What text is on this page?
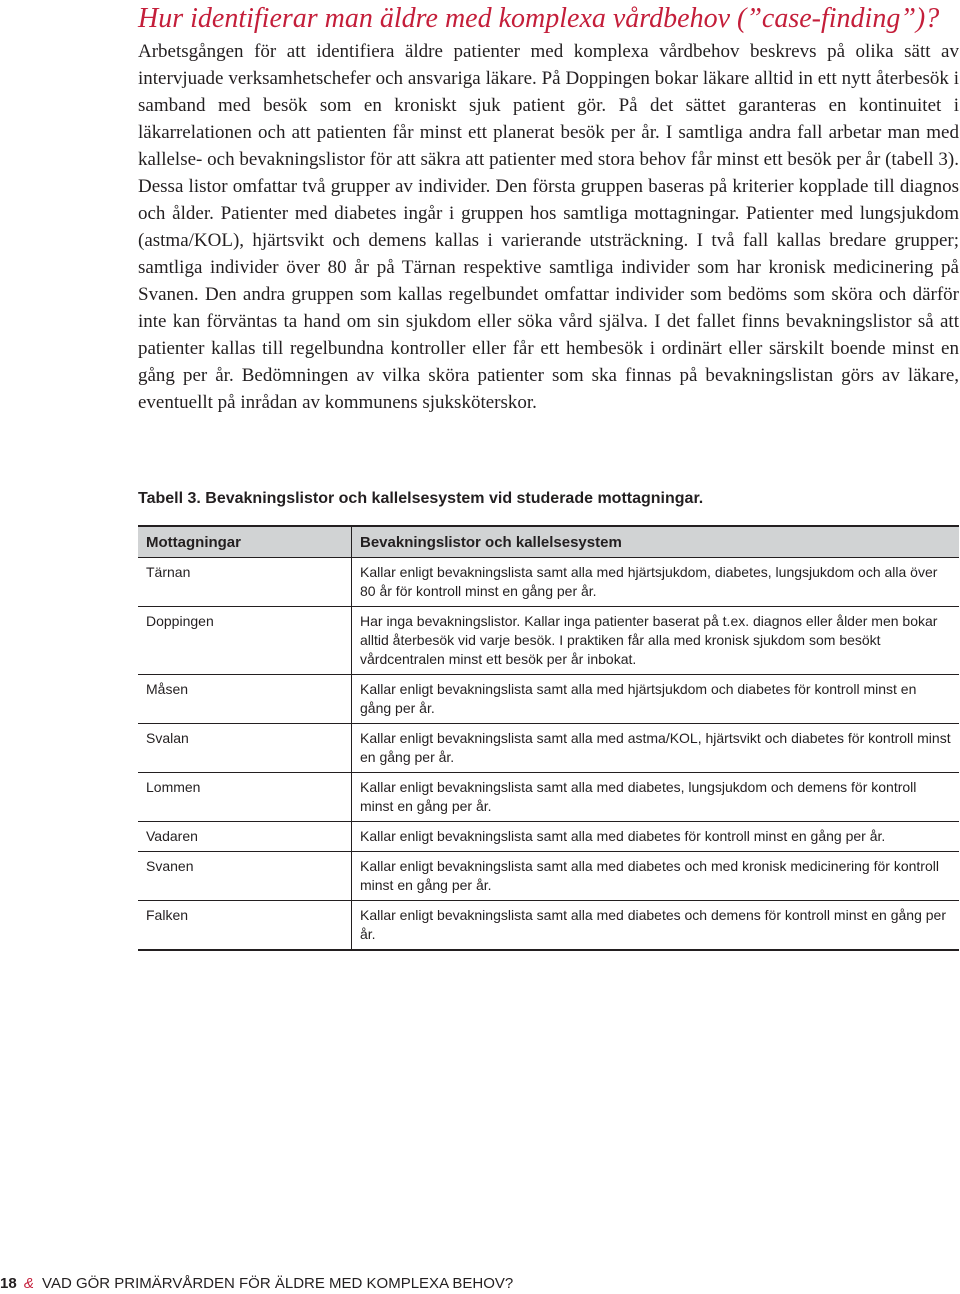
Hur identifierar man äldre med komplexa vårdbehov (”case-finding”)?

Arbetsgången för att identifiera äldre patienter med komplexa vårdbehov beskrevs på olika sätt av intervjuade verksamhetschefer och ansvariga läkare. På Doppingen bokar läkare alltid in ett nytt återbesök i samband med besök som en kroniskt sjuk patient gör. På det sättet garanteras en kontinuitet i läkarrelationen och att patienten får minst ett planerat besök per år. I samtliga andra fall arbetar man med kallelse- och bevakningslistor för att säkra att patienter med stora behov får minst ett besök per år (tabell 3). Dessa listor omfattar två grupper av individer. Den första gruppen baseras på kriterier kopplade till diagnos och ålder. Patienter med diabetes ingår i gruppen hos samtliga mottagningar. Patienter med lungsjukdom (astma/KOL), hjärtsvikt och demens kallas i varierande utsträckning. I två fall kallas bredare grupper; samtliga individer över 80 år på Tärnan respektive samtliga individer som har kronisk medicinering på Svanen. Den andra gruppen som kallas regelbundet omfattar individer som bedöms som sköra och därför inte kan förväntas ta hand om sin sjukdom eller söka vård själva. I det fallet finns bevakningslistor så att patienter kallas till regelbundna kontroller eller får ett hembesök i ordinärt eller särskilt boende minst en gång per år. Bedömningen av vilka sköra patienter som ska finnas på bevakningslistan görs av läkare, eventuellt på inrådan av kommunens sjuksköterskor.

Tabell 3. Bevakningslistor och kallelsesystem vid studerade mottagningar.

Mottagningar	Bevakningslistor och kallelsesystem
Tärnan	Kallar enligt bevakningslista samt alla med hjärtsjukdom, diabetes, lungsjukdom och alla över 80 år för kontroll minst en gång per år.
Doppingen	Har inga bevakningslistor. Kallar inga patienter baserat på t.ex. diagnos eller ålder men bokar alltid återbesök vid varje besök. I praktiken får alla med kronisk sjukdom som besökt vårdcentralen minst ett besök per år inbokat.
Måsen	Kallar enligt bevakningslista samt alla med hjärtsjukdom och diabetes för kontroll minst en gång per år.
Svalan	Kallar enligt bevakningslista samt alla med astma/KOL, hjärtsvikt och diabetes för kontroll minst en gång per år.
Lommen	Kallar enligt bevakningslista samt alla med diabetes, lungsjukdom och demens för kontroll minst en gång per år.
Vadaren	Kallar enligt bevakningslista samt alla med diabetes för kontroll minst en gång per år.
Svanen	Kallar enligt bevakningslista samt alla med diabetes och med kronisk medicinering för kontroll minst en gång per år.
Falken	Kallar enligt bevakningslista samt alla med diabetes och demens för kontroll minst en gång per år.

18 & VAD GÖR PRIMÄRVÅRDEN FÖR ÄLDRE MED KOMPLEXA BEHOV?
